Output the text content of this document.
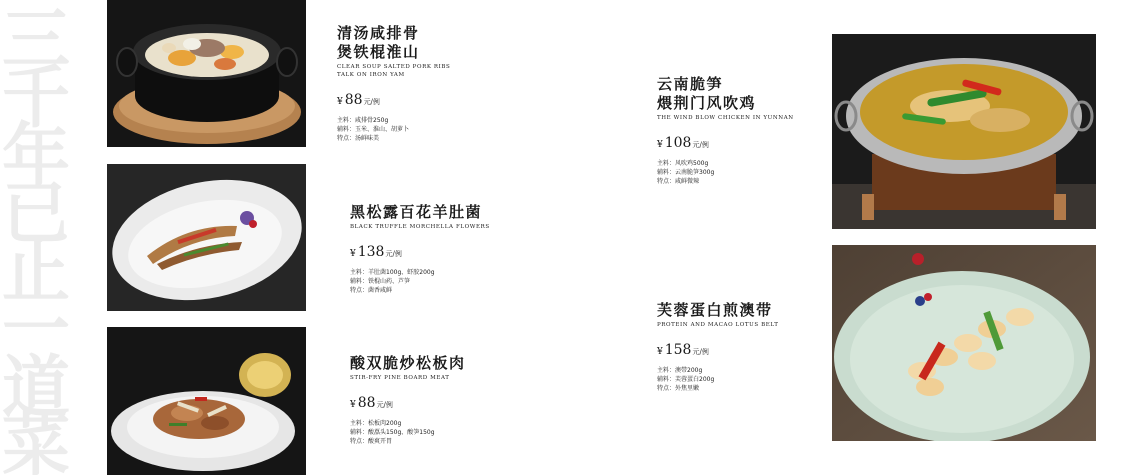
三
千
年
已
止
一
道
菜
清汤咸排骨
煲铁棍淮山
CLEAR SOUP SALTED PORK RIBS
TALK ON IRON YAM
¥ 88元/例
主料：咸排骨250g
辅料：玉米、淮山、胡萝卜
特点：汤鲜味美
黑松露百花羊肚菌
BLACK TRUFFLE MORCHELLA FLOWERS
¥ 138元/例
主料：羊肚菌100g、虾胶200g
辅料：铁棍山药、芦笋
特点：菌香咸鲜
酸双脆炒松板肉
STIR-FRY PINE BOARD MEAT
¥ 88元/例
主料：松板肉200g
辅料：酸藠头150g、酸笋150g
特点：酸爽开胃
云南脆笋
煨荆门风吹鸡
THE WIND BLOW CHICKEN IN YUNNAN
¥ 108元/例
主料：风吹鸡500g
辅料：云南脆笋300g
特点：咸鲜微辣
芙蓉蛋白煎澳带
PROTEIN AND MACAO LOTUS BELT
¥ 158元/例
主料：澳带200g
辅料：芙蓉蛋白200g
特点：外焦里嫩
